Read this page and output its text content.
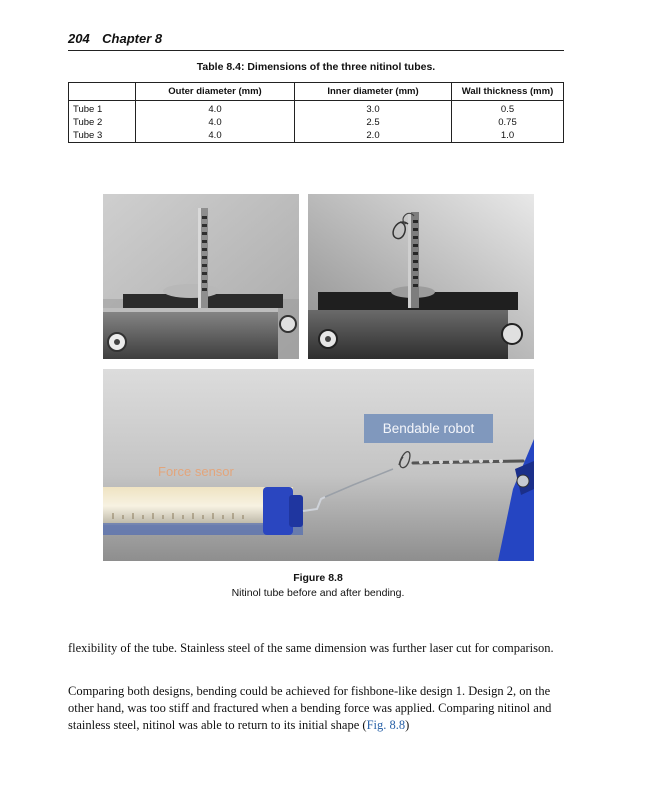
204 Chapter 8
Table 8.4: Dimensions of the three nitinol tubes.
	Outer diameter (mm)	Inner diameter (mm)	Wall thickness (mm)
Tube 1	4.0	3.0	0.5
Tube 2	4.0	2.5	0.75
Tube 3	4.0	2.0	1.0
Bendable robot
Force sensor
Figure 8.8
Nitinol tube before and after bending.

flexibility of the tube. Stainless steel of the same dimension was further laser cut for comparison.

Comparing both designs, bending could be achieved for fishbone-like design 1. Design 2, on the other hand, was too stiff and fractured when a bending force was applied. Comparing nitinol and stainless steel, nitinol was able to return to its initial shape (Fig. 8.8)
